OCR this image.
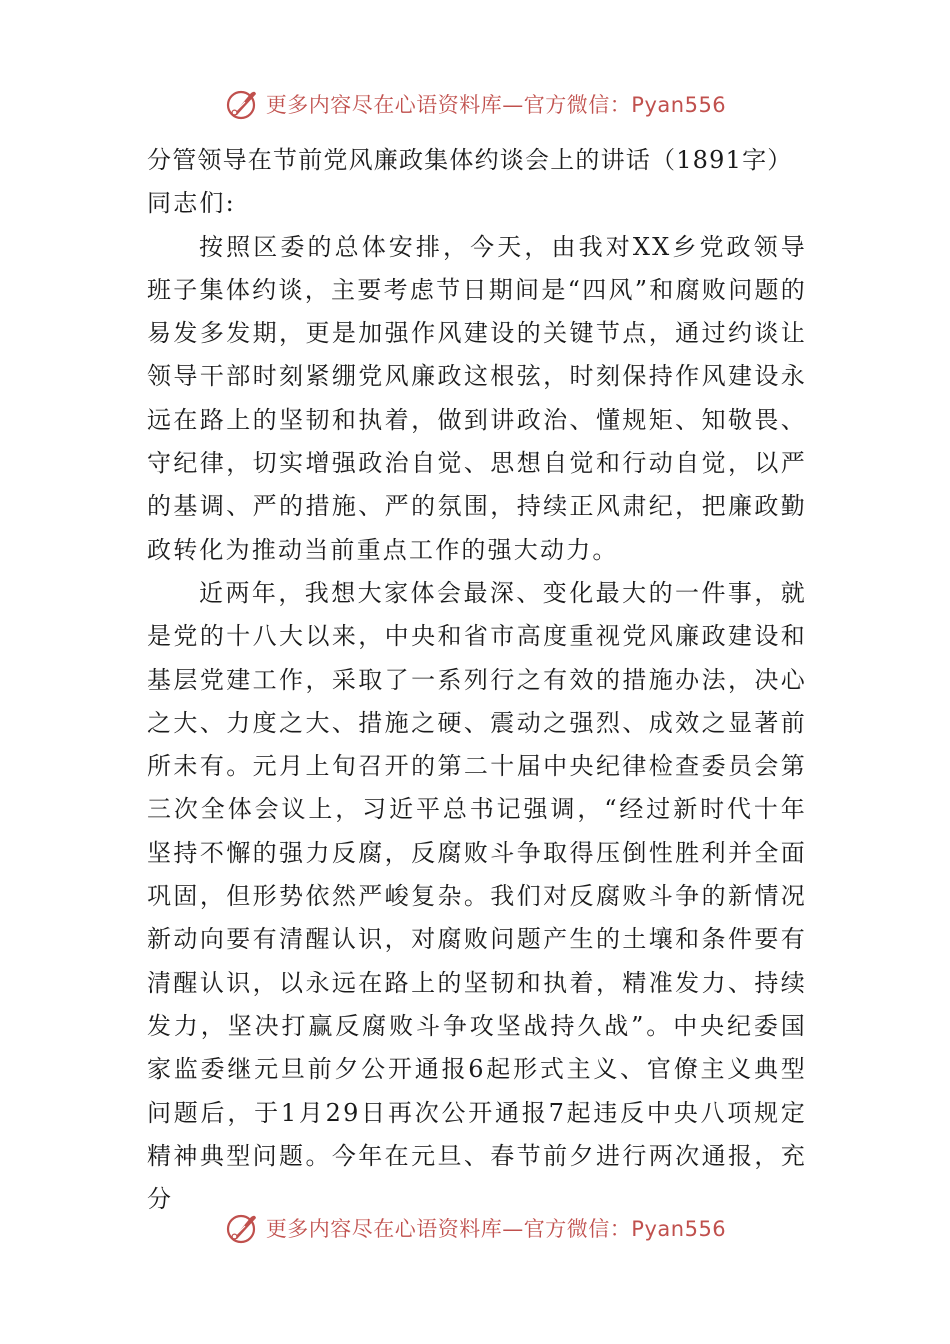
更多内容尽在心语资料库—官方微信：Pyan556

分管领导在节前党风廉政集体约谈会上的讲话（1891字）

同志们:

按照区委的总体安排，今天，由我对XX乡党政领导班子集体约谈，主要考虑节日期间是“四风”和腐败问题的易发多发期，更是加强作风建设的关键节点，通过约谈让领导干部时刻紧绷党风廉政这根弦，时刻保持作风建设永远在路上的坚韧和执着，做到讲政治、懂规矩、知敬畏、守纪律，切实增强政治自觉、思想自觉和行动自觉，以严的基调、严的措施、严的氛围，持续正风肃纪，把廉政勤政转化为推动当前重点工作的强大动力。

近两年，我想大家体会最深、变化最大的一件事，就是党的十八大以来，中央和省市高度重视党风廉政建设和基层党建工作，采取了一系列行之有效的措施办法，决心之大、力度之大、措施之硬、震动之强烈、成效之显著前所未有。元月上旬召开的第二十届中央纪律检查委员会第三次全体会议上，习近平总书记强调，“经过新时代十年坚持不懈的强力反腐，反腐败斗争取得压倒性胜利并全面巩固，但形势依然严峻复杂。我们对反腐败斗争的新情况新动向要有清醒认识，对腐败问题产生的土壤和条件要有清醒认识，以永远在路上的坚韧和执着，精准发力、持续发力，坚决打赢反腐败斗争攻坚战持久战”。中央纪委国家监委继元旦前夕公开通报6起形式主义、官僚主义典型问题后，于1月29日再次公开通报7起违反中央八项规定精神典型问题。今年在元旦、春节前夕进行两次通报，充分

更多内容尽在心语资料库—官方微信：Pyan556
